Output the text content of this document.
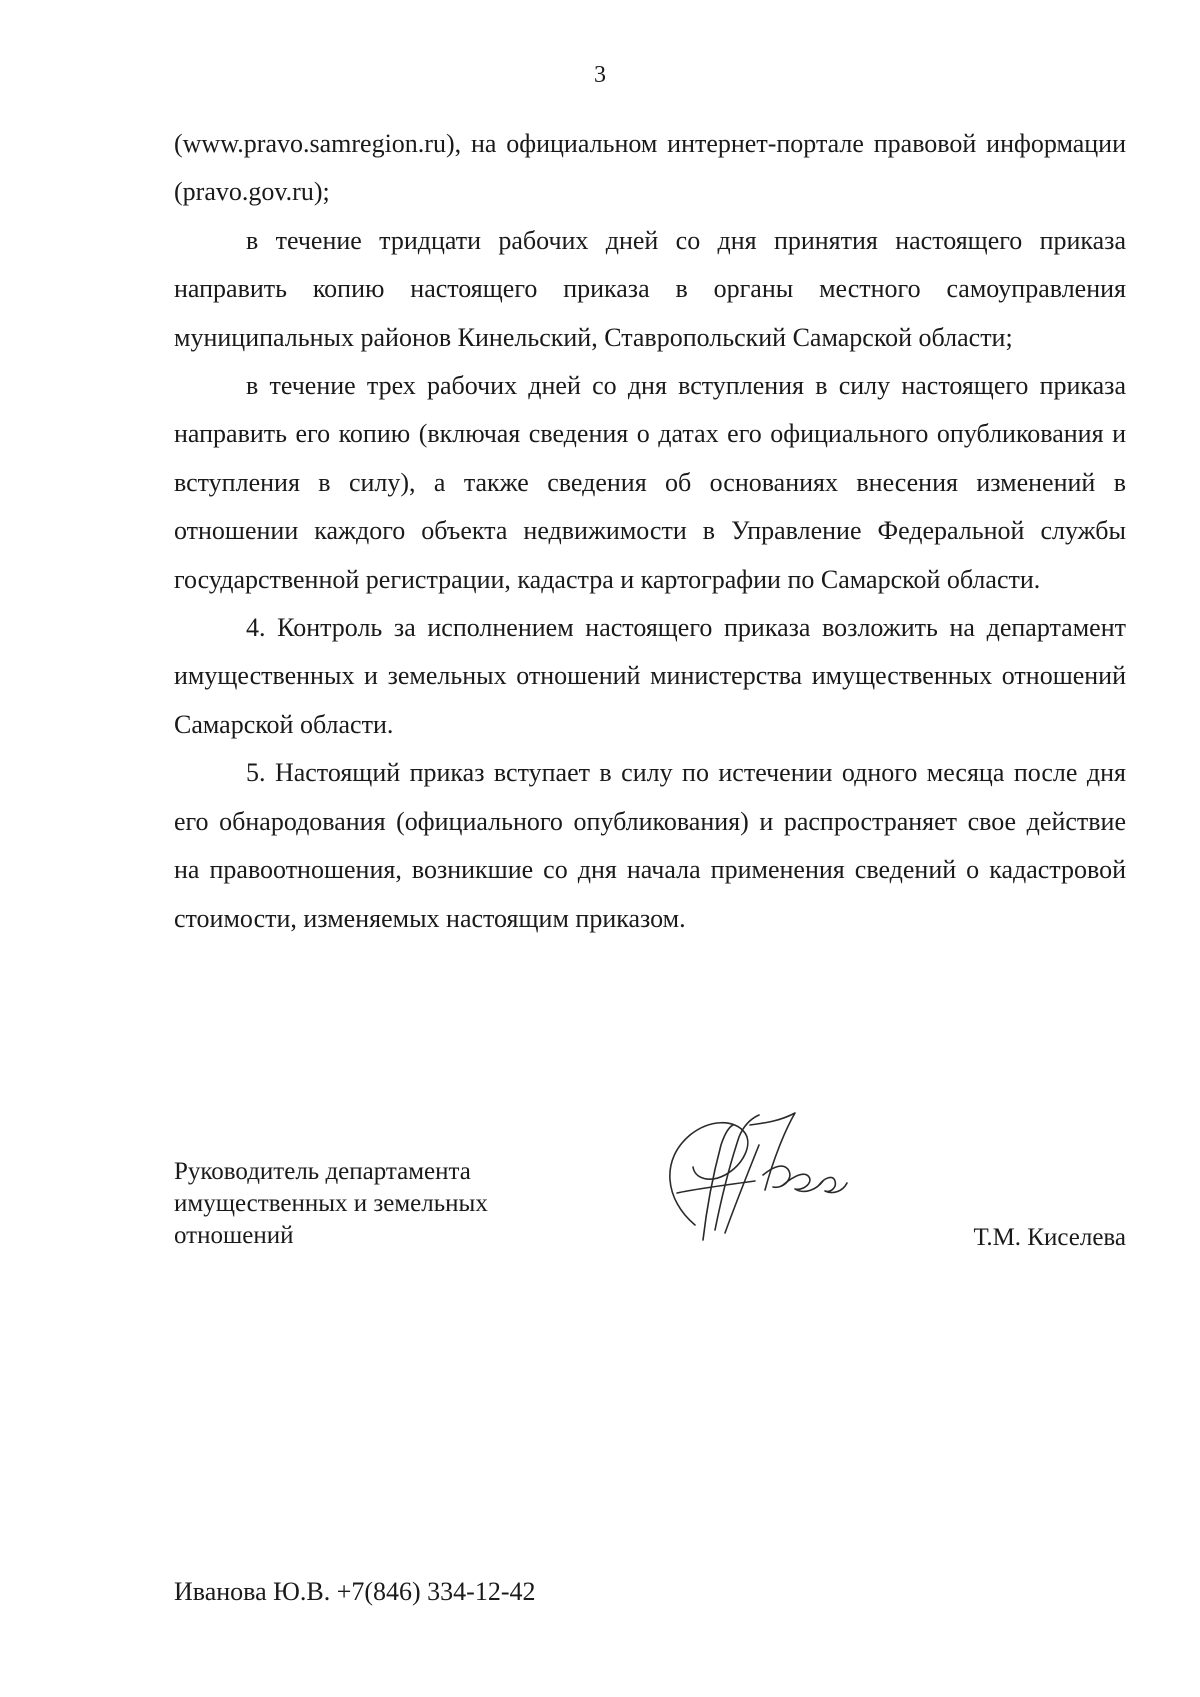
3

(www.pravo.samregion.ru), на официальном интернет-портале правовой информации (pravo.gov.ru);

в течение тридцати рабочих дней со дня принятия настоящего приказа направить копию настоящего приказа в органы местного самоуправления муниципальных районов Кинельский, Ставропольский Самарской области;

в течение трех рабочих дней со дня вступления в силу настоящего приказа направить его копию (включая сведения о датах его официального опубликования и вступления в силу), а также сведения об основаниях внесения изменений в отношении каждого объекта недвижимости в Управление Федеральной службы государственной регистрации, кадастра и картографии по Самарской области.

4. Контроль за исполнением настоящего приказа возложить на департамент имущественных и земельных отношений министерства имущественных отношений Самарской области.

5. Настоящий приказ вступает в силу по истечении одного месяца после дня его обнародования (официального опубликования) и распространяет свое действие на правоотношения, возникшие со дня начала применения сведений о кадастровой стоимости, изменяемых настоящим приказом.

Руководитель департамента
имущественных и земельных
отношений	Т.М. Киселева
Иванова Ю.В. +7(846) 334-12-42
